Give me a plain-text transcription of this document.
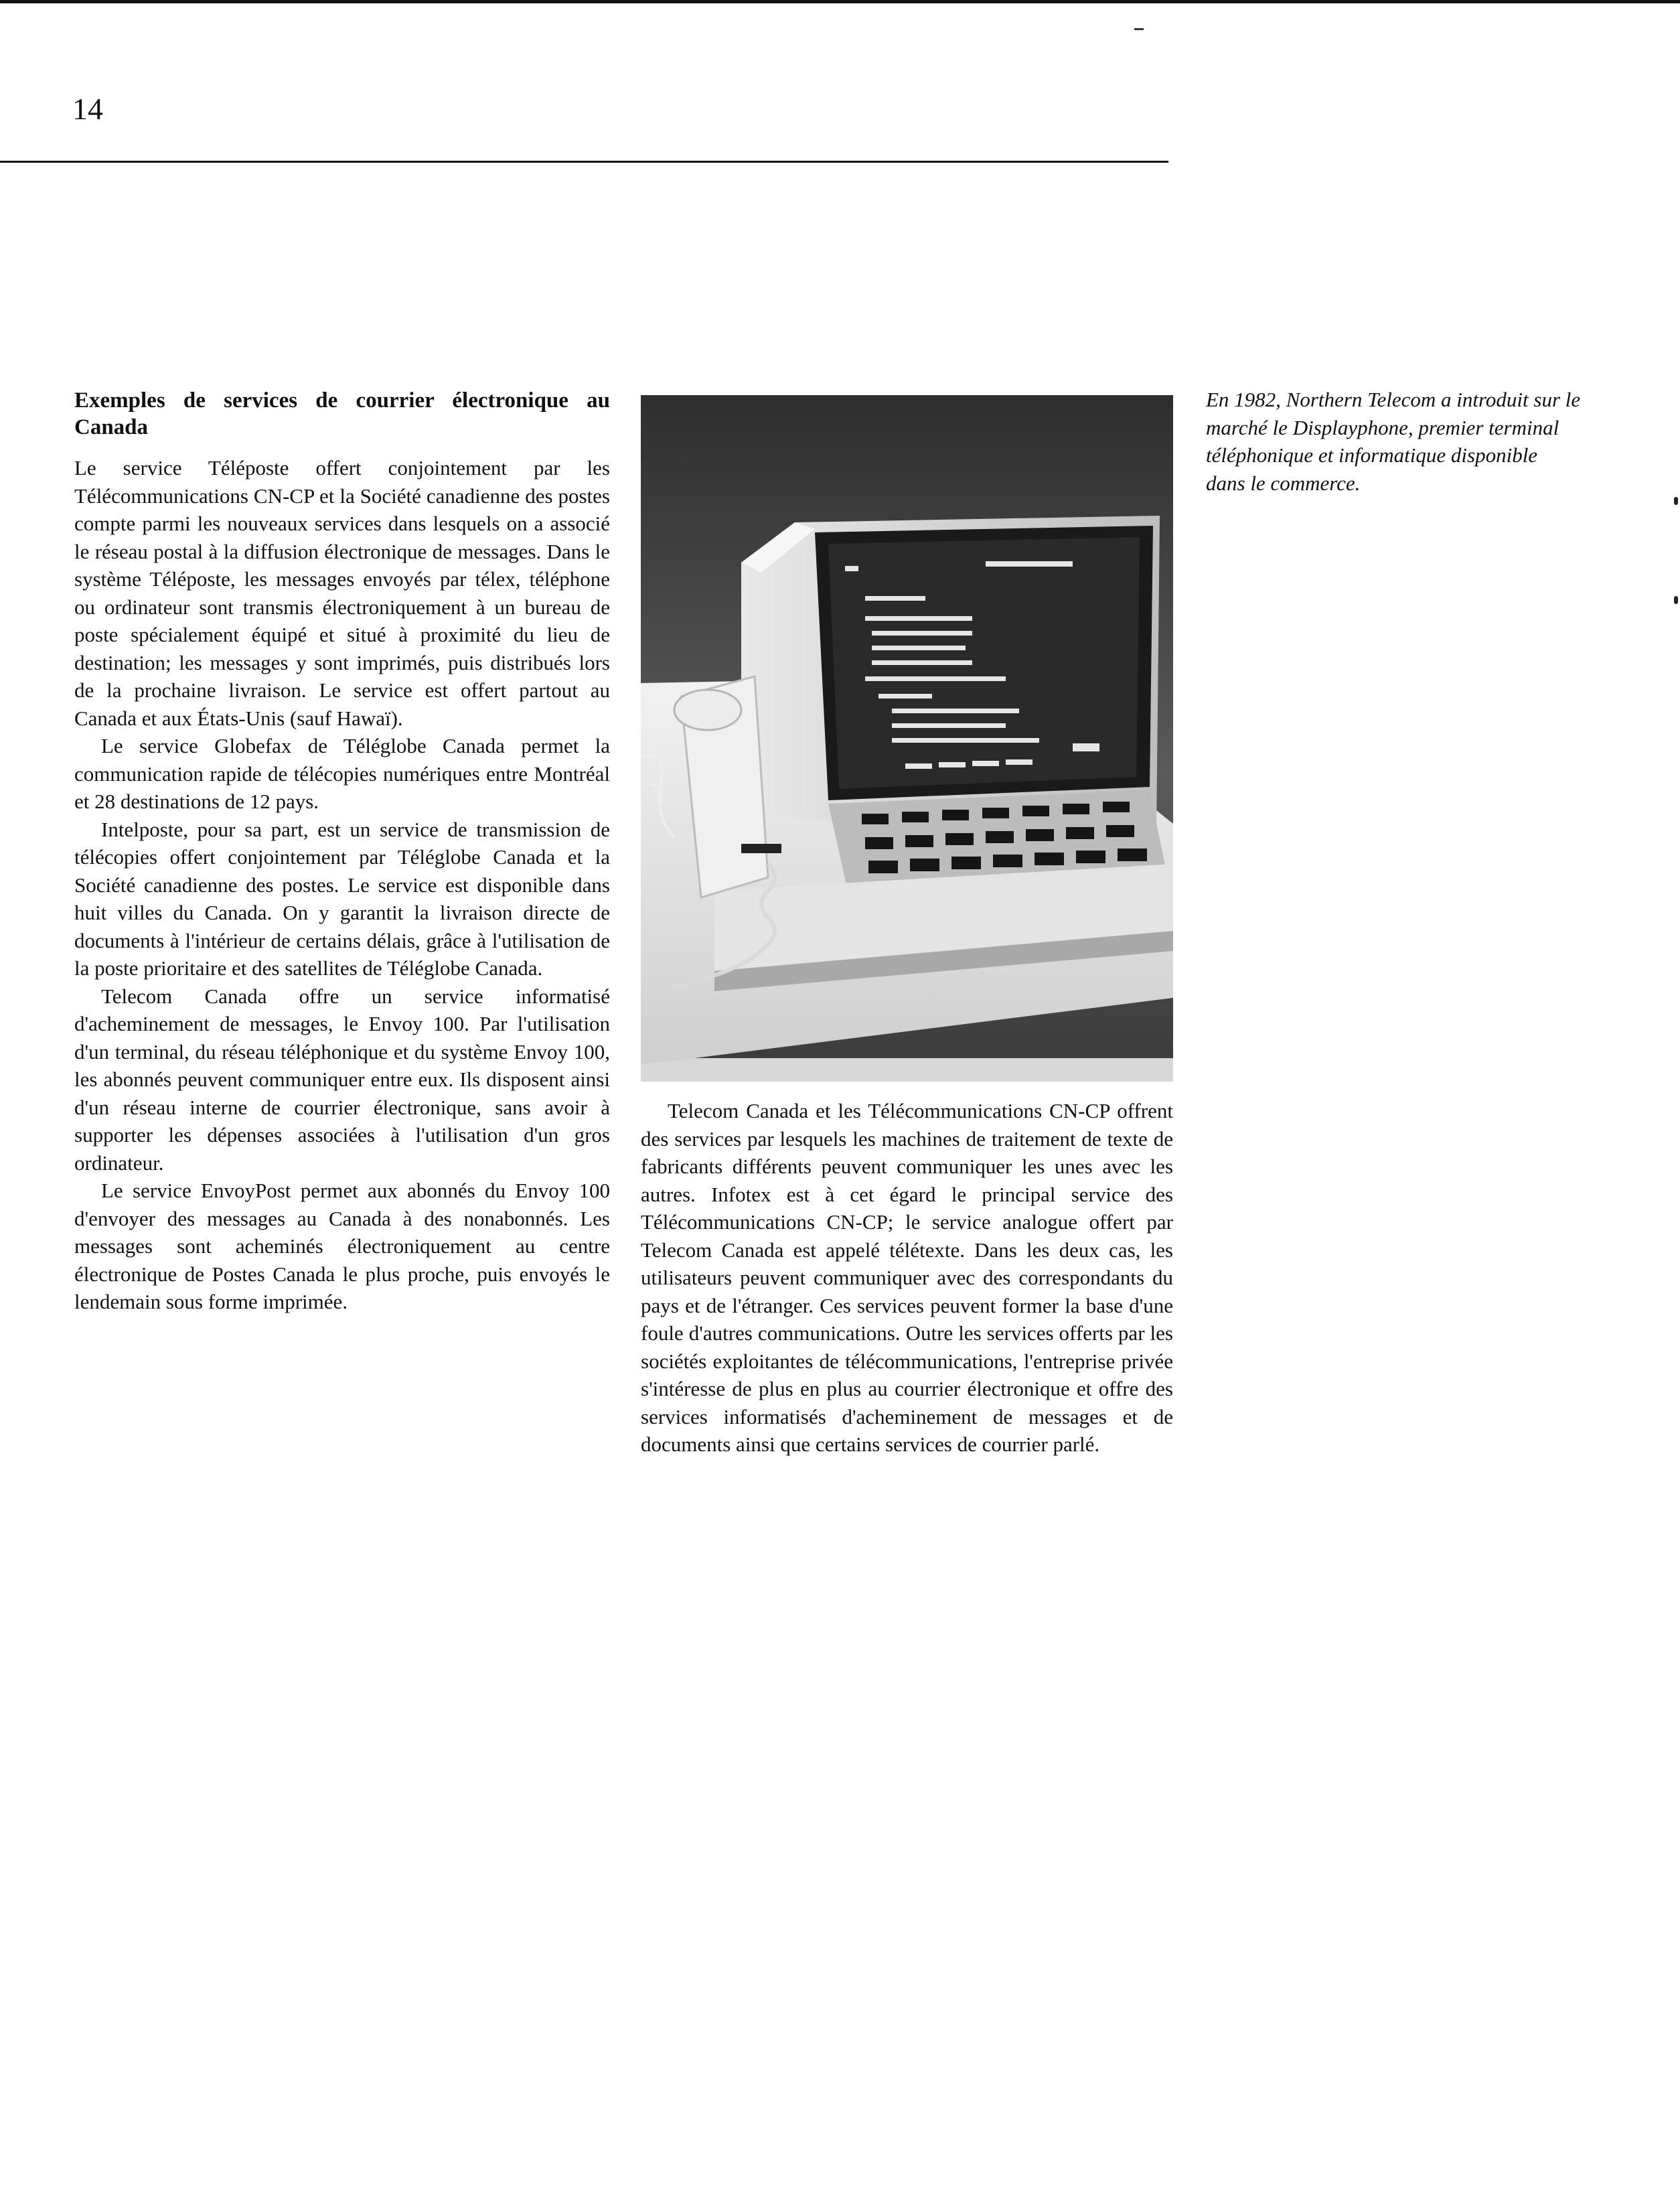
14
Exemples de services de courrier électronique au Canada

Le service Téléposte offert conjointement par les Télécommunications CN-CP et la Société canadienne des postes compte parmi les nouveaux services dans lesquels on a associé le réseau postal à la diffusion électronique de messages. Dans le système Téléposte, les messages envoyés par télex, téléphone ou ordinateur sont transmis électroniquement à un bureau de poste spécialement équipé et situé à proximité du lieu de destination; les messages y sont imprimés, puis distribués lors de la prochaine livraison. Le service est offert partout au Canada et aux États-Unis (sauf Hawaï).

Le service Globefax de Téléglobe Canada permet la communication rapide de télécopies numériques entre Montréal et 28 destinations de 12 pays.

Intelposte, pour sa part, est un service de transmission de télécopies offert conjointement par Téléglobe Canada et la Société canadienne des postes. Le service est disponible dans huit villes du Canada. On y garantit la livraison directe de documents à l'intérieur de certains délais, grâce à l'utilisation de la poste prioritaire et des satellites de Téléglobe Canada.

Telecom Canada offre un service informatisé d'acheminement de messages, le Envoy 100. Par l'utilisation d'un terminal, du réseau téléphonique et du système Envoy 100, les abonnés peuvent communiquer entre eux. Ils disposent ainsi d'un réseau interne de courrier électronique, sans avoir à supporter les dépenses associées à l'utilisation d'un gros ordinateur.

Le service EnvoyPost permet aux abonnés du Envoy 100 d'envoyer des messages au Canada à des nonabonnés. Les messages sont acheminés électroniquement au centre électronique de Postes Canada le plus proche, puis envoyés le lendemain sous forme imprimée.

Telecom Canada et les Télécommunications CN-CP offrent des services par lesquels les machines de traitement de texte de fabricants différents peuvent communiquer les unes avec les autres. Infotex est à cet égard le principal service des Télécommunications CN-CP; le service analogue offert par Telecom Canada est appelé télétexte. Dans les deux cas, les utilisateurs peuvent communiquer avec des correspondants du pays et de l'étranger. Ces services peuvent former la base d'une foule d'autres communications. Outre les services offerts par les sociétés exploitantes de télécommunications, l'entreprise privée s'intéresse de plus en plus au courrier électronique et offre des services informatisés d'acheminement de messages et de documents ainsi que certains services de courrier parlé.

En 1982, Northern Telecom a introduit sur le marché le Displayphone, premier terminal téléphonique et informatique disponible dans le commerce.
